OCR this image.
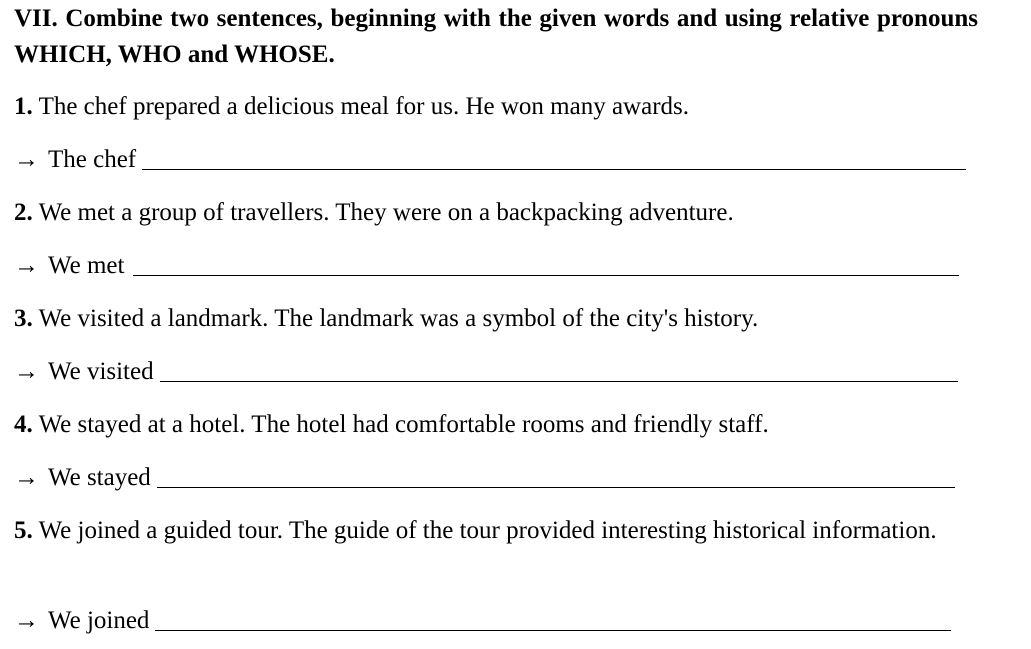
VII. Combine two sentences, beginning with the given words and using relative pronouns WHICH, WHO and WHOSE.
1. The chef prepared a delicious meal for us. He won many awards.
→ The chef
2. We met a group of travellers. They were on a backpacking adventure.
→ We met
3. We visited a landmark. The landmark was a symbol of the city's history.
→ We visited
4. We stayed at a hotel. The hotel had comfortable rooms and friendly staff.
→ We stayed
5. We joined a guided tour. The guide of the tour provided interesting historical information.
→ We joined
